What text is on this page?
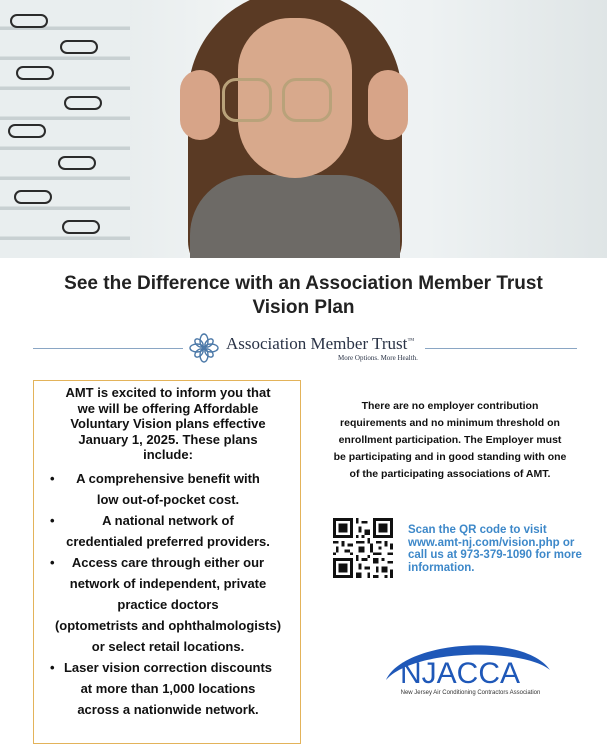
See the Difference with an Association Member Trust
Vision Plan
Association Member Trust™
More Options. More Health.
AMT is excited to inform you that
we will be offering Affordable
Voluntary Vision plans effective
January 1, 2025. These plans
include:
•	A comprehensive benefit with
low out-of-pocket cost.
•	A national network of
credentialed preferred providers.
•	Access care through either our
network of independent, private
practice doctors
(optometrists and ophthalmologists)
or select retail locations.
• Laser vision correction discounts
at more than 1,000 locations
across a nationwide network.
There are no employer contribution
requirements and no minimum threshold on
enrollment participation. The Employer must
be participating and in good standing with one
of the participating associations of AMT.
Scan the QR code to visit
www.amt-nj.com/vision.php or
call us at 973-379-1090 for more
information.
NJACCA
New Jersey Air Conditioning Contractors Association
